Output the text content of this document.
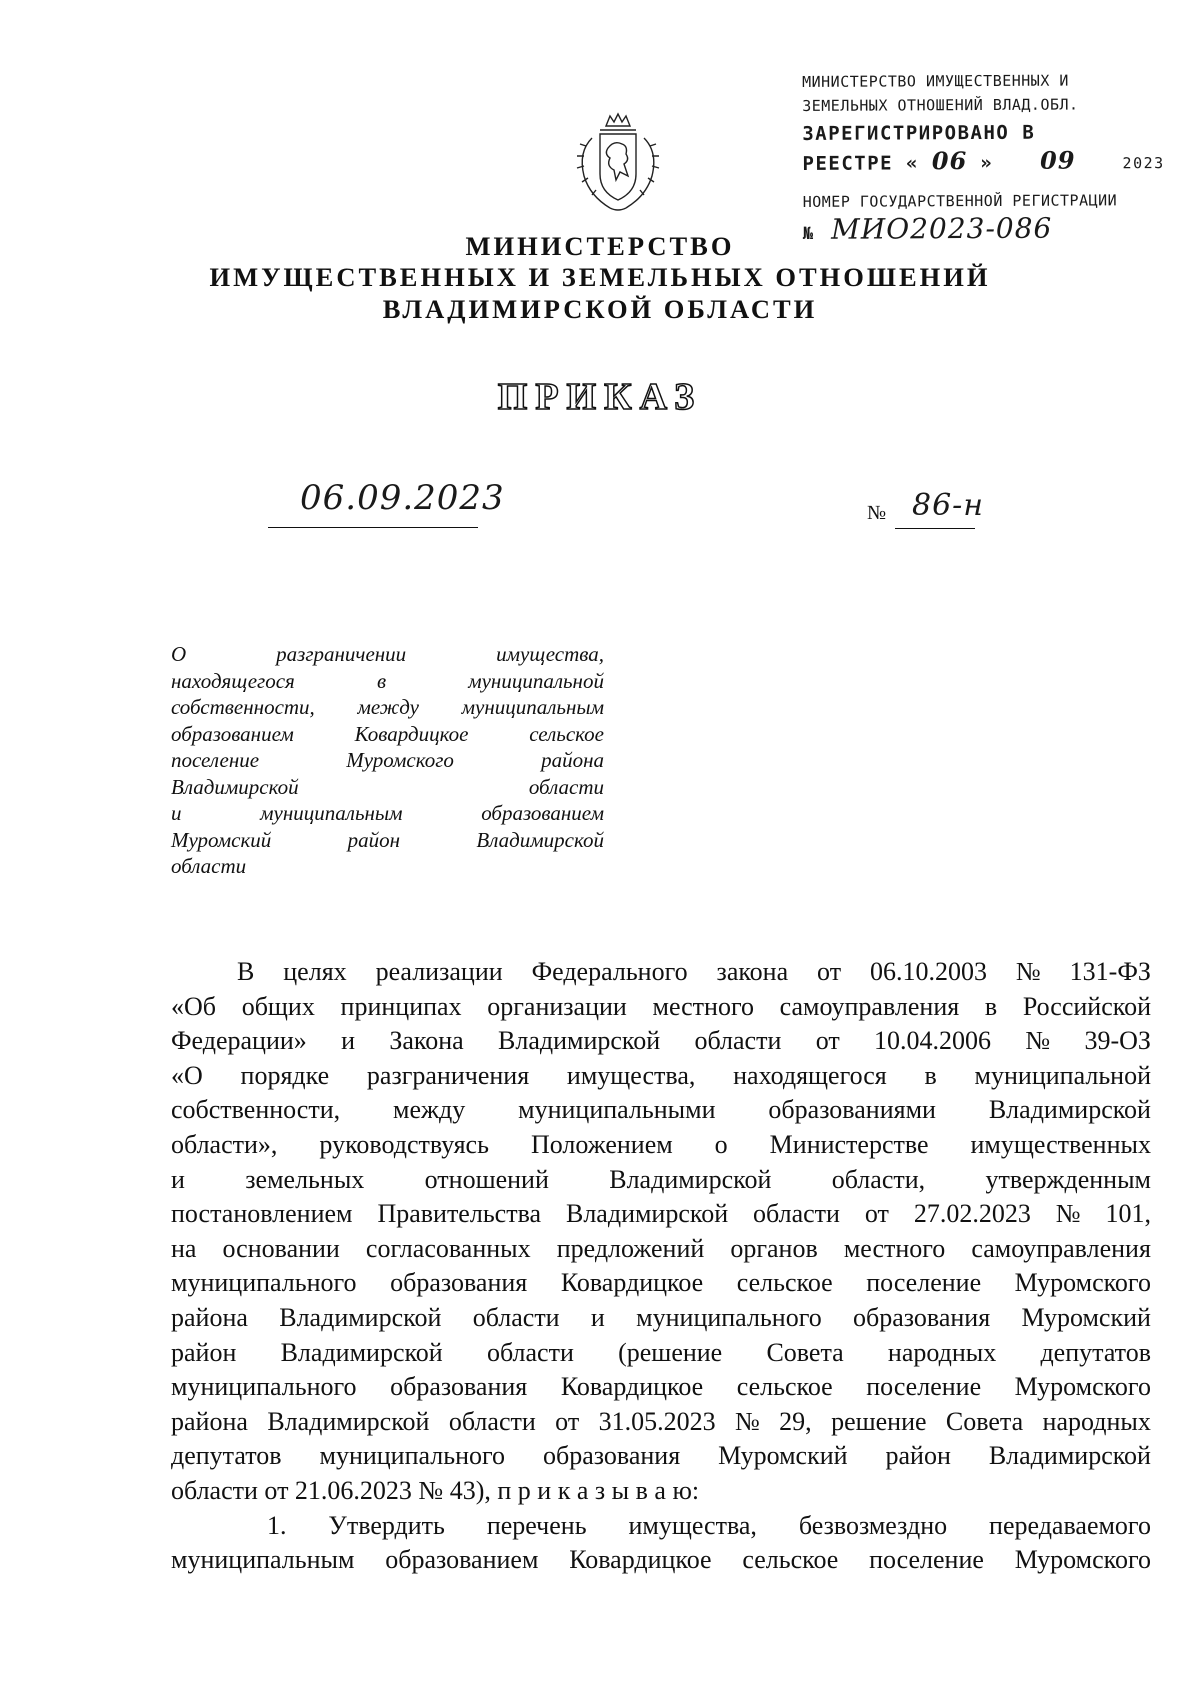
МИНИСТЕРСТВО ИМУЩЕСТВЕННЫХ И
ЗЕМЕЛЬНЫХ ОТНОШЕНИЙ ВЛАД.ОБЛ.
ЗАРЕГИСТРИРОВАНО В
РЕЕСТРЕ « 06 » 09	2023
НОМЕР ГОСУДАРСТВЕННОЙ РЕГИСТРАЦИИ
№ МИО2023-086
МИНИСТЕРСТВО
ИМУЩЕСТВЕННЫХ И ЗЕМЕЛЬНЫХ ОТНОШЕНИЙ
ВЛАДИМИРСКОЙ ОБЛАСТИ
ПРИКАЗ
06.09.2023	№ 86-н
О	разграничении	имущества,
находящегося	в	муниципальной
собственности, между муниципальным
образованием	Ковардицкое	сельское
поселение	Муромского	района
Владимирской	области
и	муниципальным	образованием
Муромский	район	Владимирской
области
В целях реализации Федерального закона от 06.10.2003 № 131-ФЗ
«Об общих принципах организации местного самоуправления в Российской
Федерации» и Закона Владимирской области от 10.04.2006 № 39-ОЗ
«О порядке разграничения имущества, находящегося в муниципальной
собственности, между муниципальными образованиями Владимирской
области», руководствуясь Положением о Министерстве имущественных
и земельных отношений Владимирской области, утвержденным
постановлением Правительства Владимирской области от 27.02.2023 № 101,
на основании согласованных предложений органов местного самоуправления
муниципального образования Ковардицкое сельское поселение Муромского
района Владимирской области и муниципального образования Муромский
район Владимирской области (решение Совета народных депутатов
муниципального образования Ковардицкое сельское поселение Муромского
района Владимирской области от 31.05.2023 № 29, решение Совета народных
депутатов муниципального образования Муромский район Владимирской
области от 21.06.2023 № 43), п р и к а з ы в а ю:
1. Утвердить перечень имущества, безвозмездно передаваемого
муниципальным образованием Ковардицкое сельское поселение Муромского
